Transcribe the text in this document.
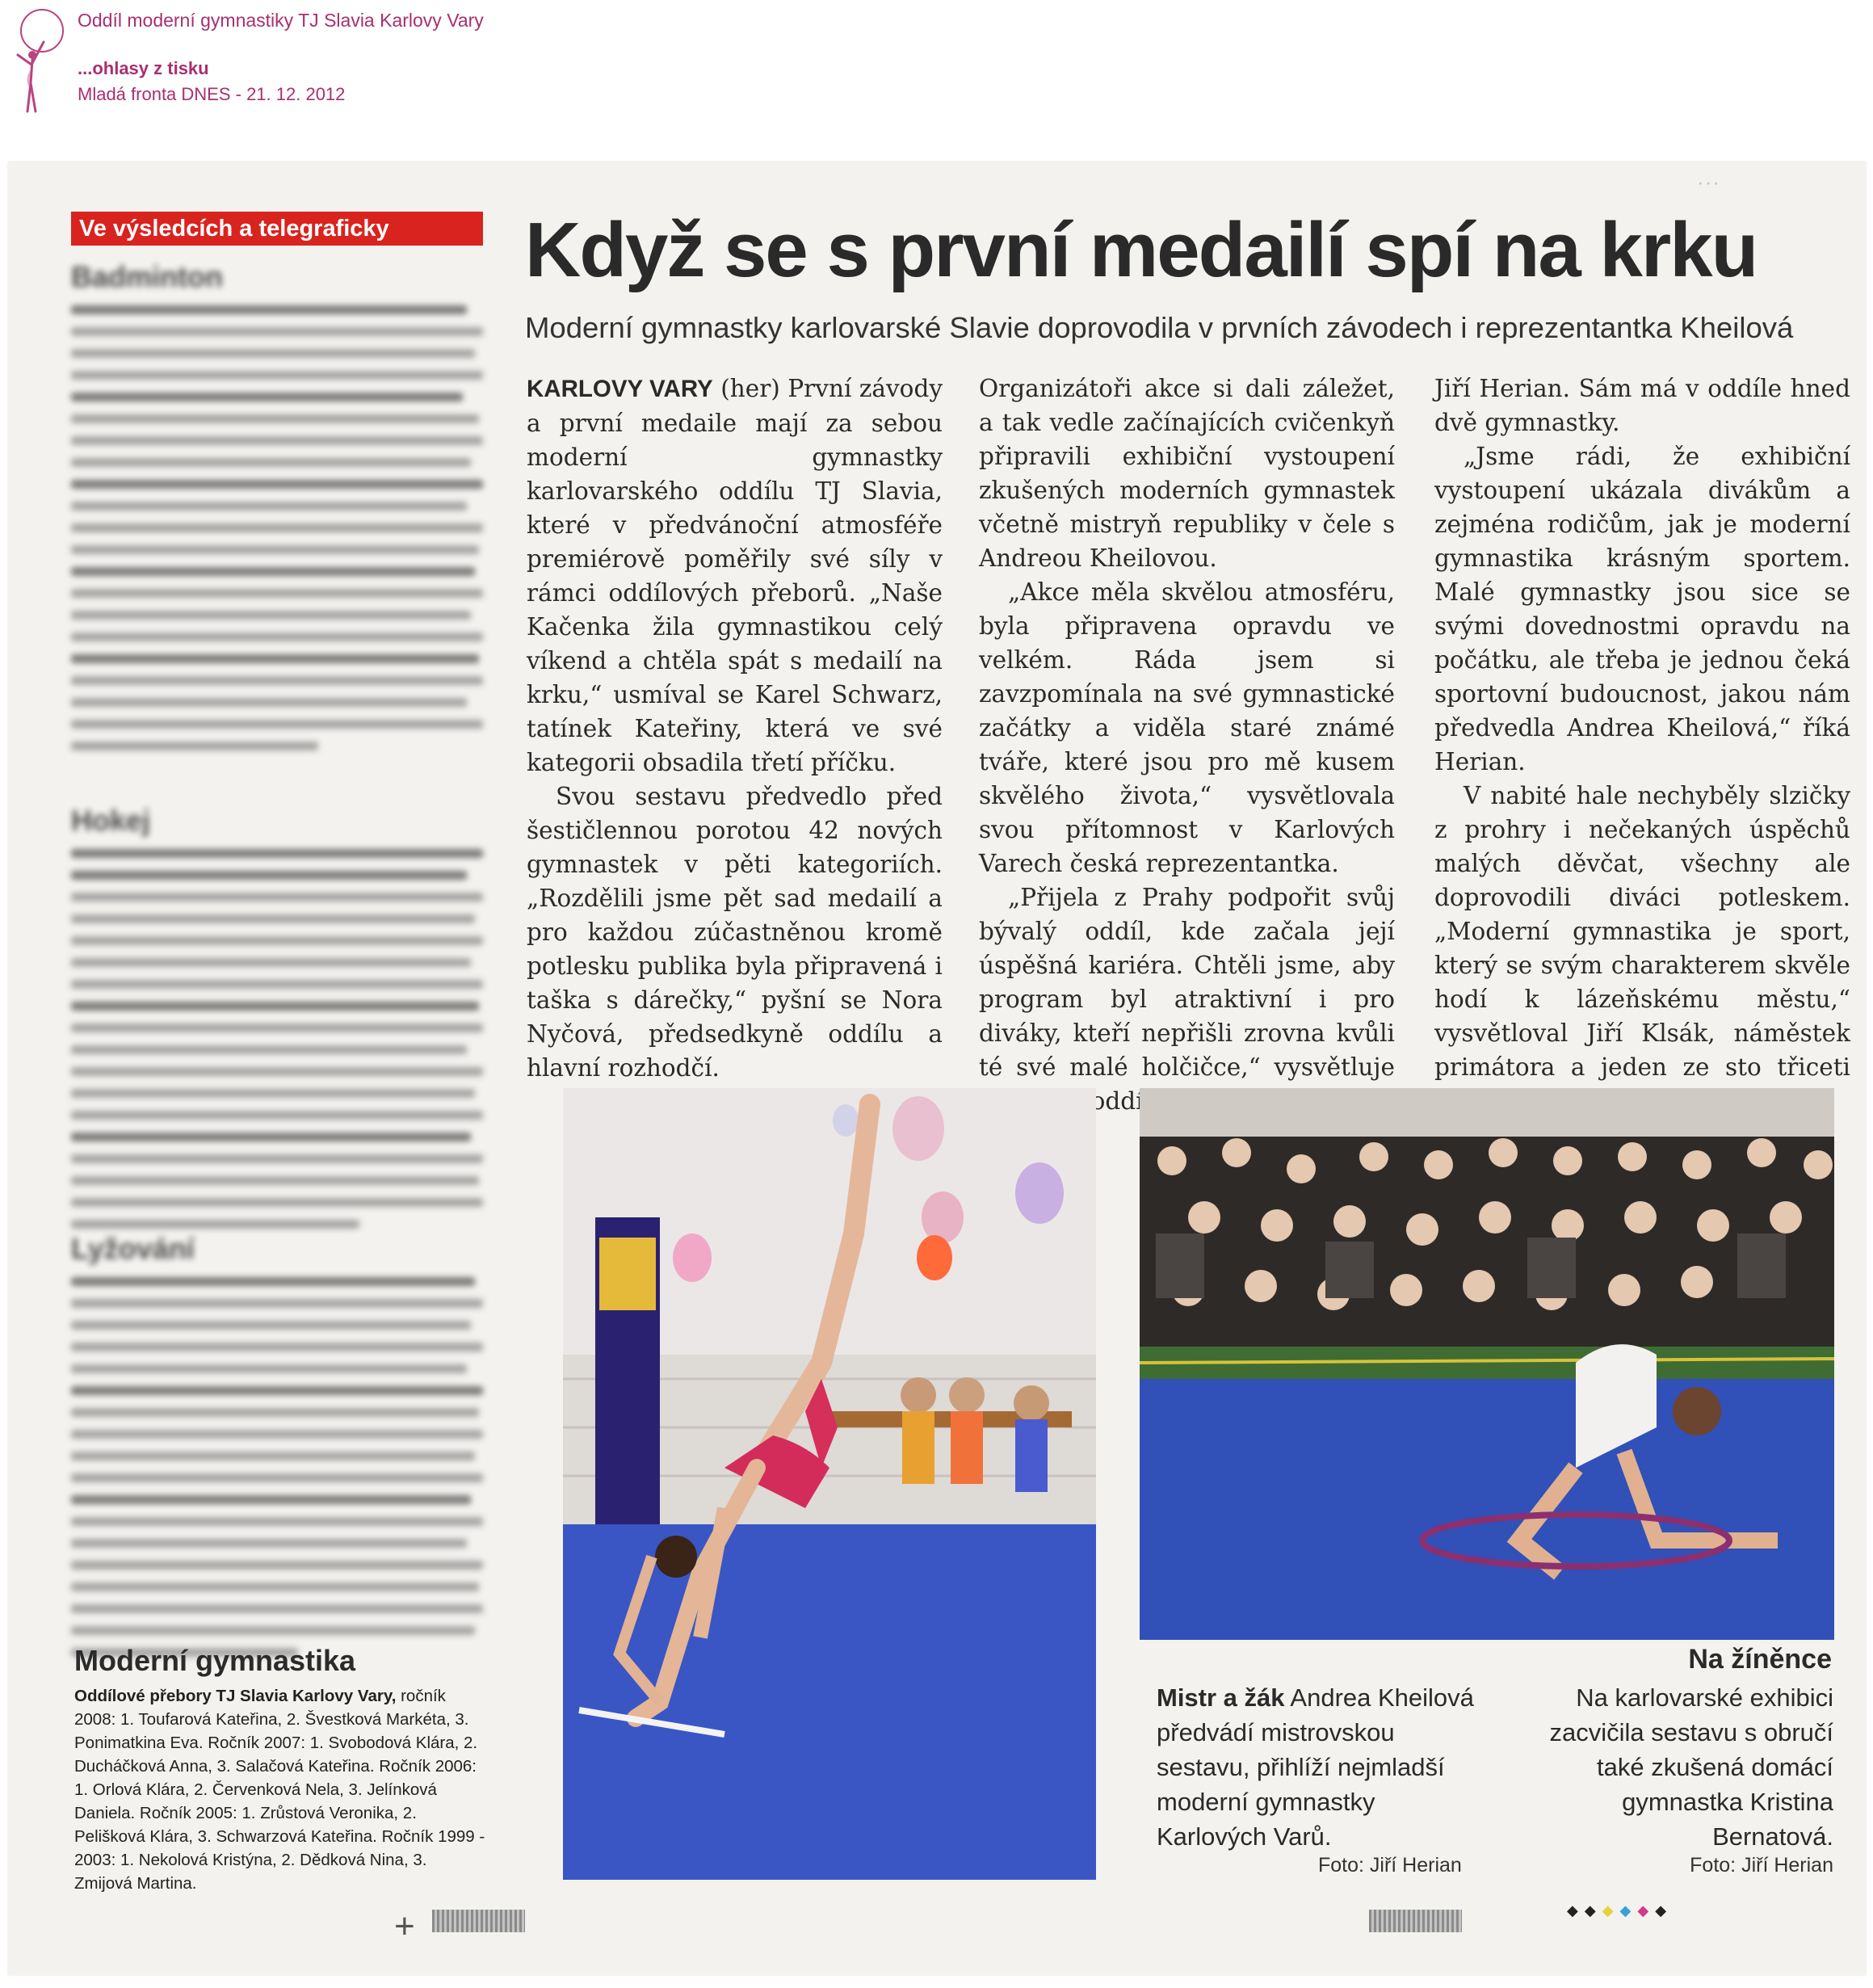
Oddíl moderní gymnastiky TJ Slavia Karlovy Vary
...ohlasy z tisku
Mladá fronta DNES - 21. 12. 2012
···
Ve výsledcích a telegraficky
Badminton
Hokej
Lyžování
Moderní gymnastika
Oddílové přebory TJ Slavia Karlovy Vary, ročník 2008: 1. Toufarová Kateřina, 2. Švestková Markéta, 3. Ponimatkina Eva. Ročník 2007: 1. Svobodová Klára, 2. Ducháčková Anna, 3. Salačová Kateřina. Ročník 2006: 1. Orlová Klára, 2. Červenková Nela, 3. Jelínková Daniela. Ročník 2005: 1. Zrůstová Veronika, 2. Pelišková Klára, 3. Schwarzová Kateřina. Ročník 1999 - 2003: 1. Nekolová Kristýna, 2. Dědková Nina, 3. Zmijová Martina.
Když se s první medailí spí na krku
Moderní gymnastky karlovarské Slavie doprovodila v prvních závodech i reprezentantka Kheilová

KARLOVY VARY (her) První závody a první medaile mají za sebou moderní gymnastky karlovarského oddílu TJ Slavia, které v předvánoční atmosféře premiérově poměřily své síly v rámci oddílových přeborů. „Naše Kačenka žila gymnastikou celý víkend a chtěla spát s medailí na krku,“ usmíval se Karel Schwarz, tatínek Kateřiny, která ve své kategorii obsadila třetí příčku.

Svou sestavu předvedlo před šestičlennou porotou 42 nových gymnastek v pěti kategoriích. „Rozdělili jsme pět sad medailí a pro každou zúčastněnou kromě potlesku publika byla připravená i taška s dárečky,“ pyšní se Nora Nyčová, předsedkyně oddílu a hlavní rozhodčí.

Organizátoři akce si dali záležet, a tak vedle začínajících cvičenkyň připravili exhibiční vystoupení zkušených moderních gymnastek včetně mistryň republiky v čele s Andreou Kheilovou.

„Akce měla skvělou atmosféru, byla připravena opravdu ve velkém. Ráda jsem si zavzpomínala na své gymnastické začátky a viděla staré známé tváře, které jsou pro mě kusem skvělého života,“ vysvětlovala svou přítomnost v Karlových Varech česká reprezentantka.

„Přijela z Prahy podpořit svůj bývalý oddíl, kde začala její úspěšná kariéra. Chtěli jsme, aby program byl atraktivní i pro diváky, kteří nepřišli zrovna kvůli té své malé holčičce,“ vysvětluje oddílu

Jiří Herian. Sám má v oddíle hned dvě gymnastky.

„Jsme rádi, že exhibiční vystoupení ukázala divákům a zejména rodičům, jak je moderní gymnastika krásným sportem. Malé gymnastky jsou sice se svými dovednostmi opravdu na počátku, ale třeba je jednou čeká sportovní budoucnost, jakou nám předvedla Andrea Kheilová,“ říká Herian.

V nabité hale nechyběly slzičky z prohry i nečekaných úspěchů malých děvčat, všechny ale doprovodili diváci potleskem. „Moderní gymnastika je sport, který se svým charakterem skvěle hodí k lázeňskému městu,“ vysvětloval Jiří Klsák, náměstek primátora a jeden ze sto třiceti

Mistr a žák Andrea Kheilová předvádí mistrovskou sestavu, přihlíží nejmladší moderní gymnastky Karlových Varů.
Foto: Jiří Herian
Na žíněnce
Na karlovarské exhibici zacvičila sestavu s obručí také zkušená domácí gymnastka Kristina Bernatová.
Foto: Jiří Herian
+	◆◆◆◆◆◆
